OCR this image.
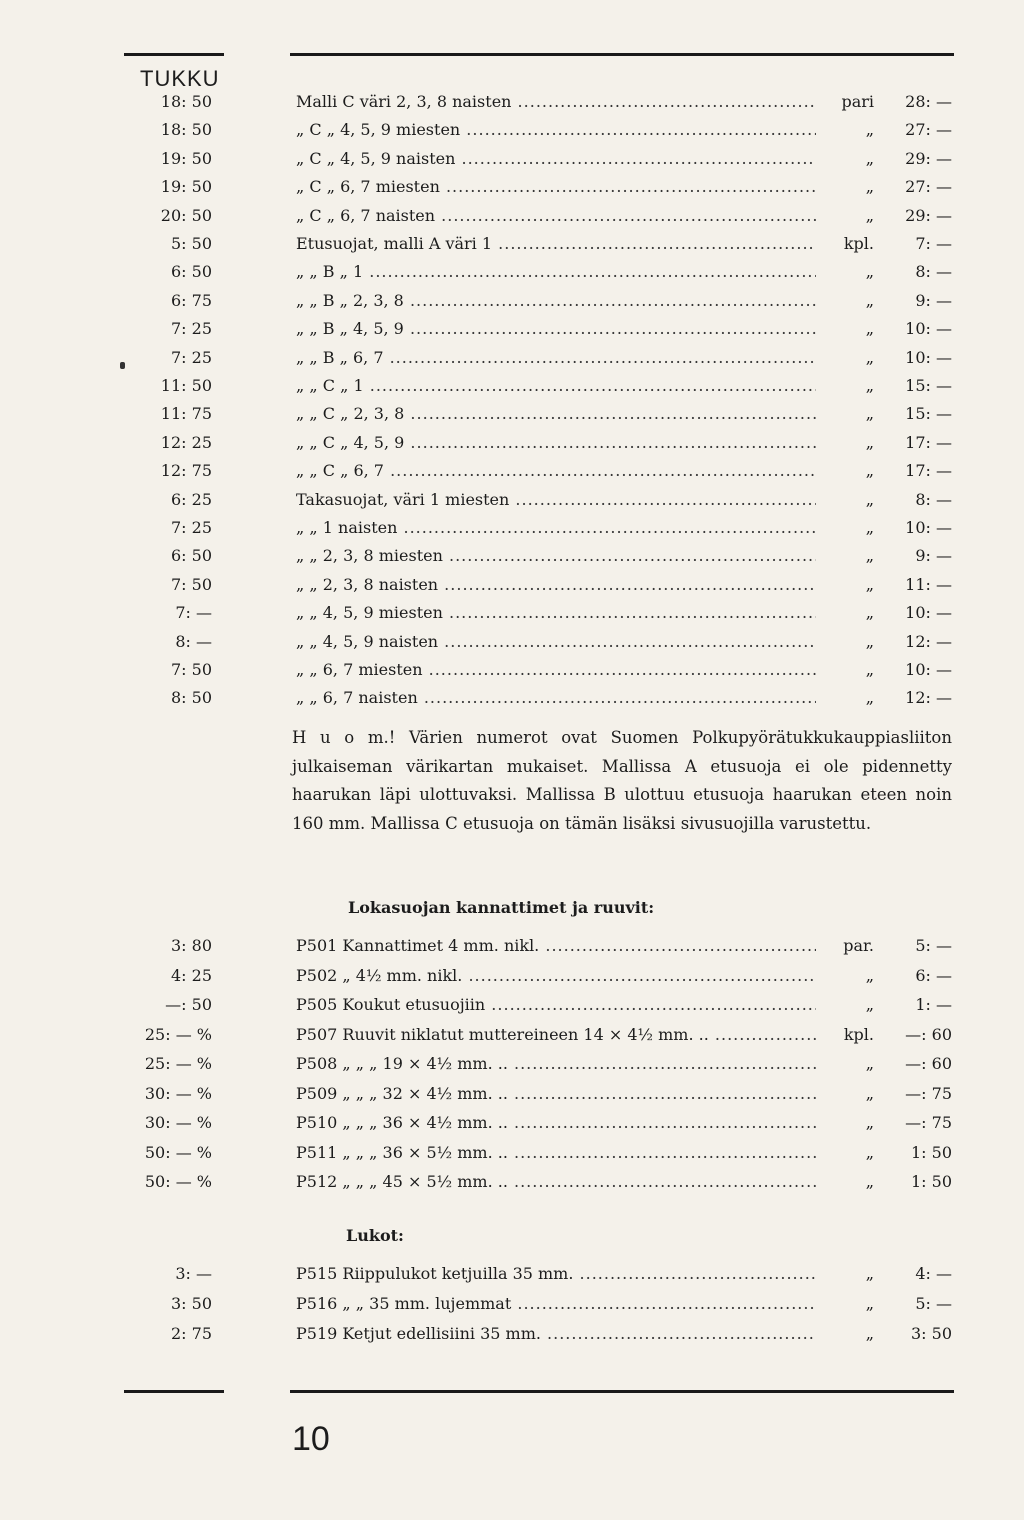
TUKKU
18: 50	Malli C väri 2, 3, 8 naisten .....	pari	28: —
18: 50	„ C „ 4, 5, 9 miesten .....	„	27: —
19: 50	„ C „ 4, 5, 9 naisten .....	„	29: —
19: 50	„ C „ 6, 7 miesten .....	„	27: —
20: 50	„ C „ 6, 7 naisten .....	„	29: —
5: 50	Etusuojat, malli A väri 1 .....	kpl.	7: —
6: 50	„ „ B „ 1 .....	„	8: —
6: 75	„ „ B „ 2, 3, 8 .....	„	9: —
7: 25	„ „ B „ 4, 5, 9 .....	„	10: —
7: 25	„ „ B „ 6, 7 .....	„	10: —
11: 50	„ „ C „ 1 .....	„	15: —
11: 75	„ „ C „ 2, 3, 8 .....	„	15: —
12: 25	„ „ C „ 4, 5, 9 .....	„	17: —
12: 75	„ „ C „ 6, 7 .....	„	17: —
6: 25	Takasuojat, väri 1 miesten .....	„	8: —
7: 25	„ „ 1 naisten .....	„	10: —
6: 50	„ „ 2, 3, 8 miesten .....	„	9: —
7: 50	„ „ 2, 3, 8 naisten .....	„	11: —
7: —	„ „ 4, 5, 9 miesten .....	„	10: —
8: —	„ „ 4, 5, 9 naisten .....	„	12: —
7: 50	„ „ 6, 7 miesten .....	„	10: —
8: 50	„ „ 6, 7 naisten .....	„	12: —
H u o m.! Värien numerot ovat Suomen Polkupyörätukkukauppiasliiton julkaiseman värikartan mukaiset. Mallissa A etusuoja ei ole pidennetty haarukan läpi ulottuvaksi. Mallissa B ulottuu etusuoja haarukan eteen noin 160 mm. Mallissa C etusuoja on tämän lisäksi sivusuojilla varustettu.
Lokasuojan kannattimet ja ruuvit:
3: 80	P501 Kannattimet 4 mm. nikl. .....	par.	5: —
4: 25	P502 „ 4½ mm. nikl. .....	„	6: —
—: 50	P505 Koukut etusuojiin .....	„	1: —
25: — %	P507 Ruuvit niklatut muttereineen 14 × 4½ mm. .. .....	kpl.	—: 60
25: — %	P508 „ „ „ 19 × 4½ mm. .. .....	„	—: 60
30: — %	P509 „ „ „ 32 × 4½ mm. .. .....	„	—: 75
30: — %	P510 „ „ „ 36 × 4½ mm. .. .....	„	—: 75
50: — %	P511 „ „ „ 36 × 5½ mm. .. .....	„	1: 50
50: — %	P512 „ „ „ 45 × 5½ mm. .. .....	„	1: 50
Lukot:
3: —	P515 Riippulukot ketjuilla 35 mm. .....	„	4: —
3: 50	P516 „ „ 35 mm. lujemmat .....	„	5: —
2: 75	P519 Ketjut edellisiini 35 mm. .....	„	3: 50
10
